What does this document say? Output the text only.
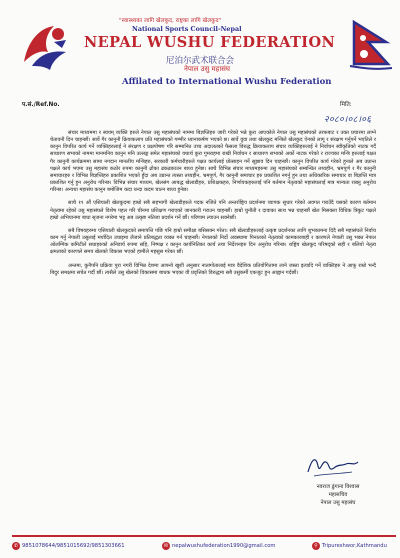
"स्वास्थ्यका लागि खेलकुद, राष्ट्रका लागि खेलकुद"
National Sports Council-Nepal
NEPAL WUSHU FEDERATION
尼泊尔武术联合会
नेपाल उसु महासंघ
Affilated to International Wushu Federation
प.सं./Ref.No.	मिति:
२०८०।०८।०६

संचार माध्यममा र स्वयम् व्यक्ति हरुले नेपाल उसु महासंघको नाममा बिज्ञप्तिहरु जारी गरेको भन्ने कुरा आएकोले नेपाल उसु महासंघको तरफबाट र उक्त प्रचारमा लाग्ने चेतावनी दिन चाहन्छौं। सार्वे गैर कानुनी क्रियाकलाप प्रति महासंघको गम्भीर ध्यानाकर्षण भएको छ। सार्वे युवा तथा खेलकुद मन्त्रिले खेलकुद ऐनको लागू र संरक्षण गर्नुपर्ने भएतिले र कानुन विपरित कार्य गर्ने व्यक्तिहरुलाई ने संरक्षण र प्रक्षपोषण गरि सम्मानित उच्च अदालतको फैसला विरुद्ध क्रियाकलाप संचार व्यक्तिहरुलाई ने निर्वाचन स्वीकृतिको नाटक गर्दै साधारण सभाको नाममा मानमनिय कानुन मनि उल्लङ्घ समेत महासंघको यथार्थ कुरा गुमराहमा राखी निर्वाचन र साधारण सभाको अर्को नाटक गरेको र राज्यका मन्त्रि हरुलाई पक्षत गैर कानुनी कार्यक्रममा सामा नगदान मानलीय मन्त्रिहरु, सरकारी कर्मचारीहरुले पक्षत कार्यलाई प्रोत्साहन गर्ने सूझाव दिन चाहन्छौं। कानुन विपरित कार्य गरेको हुनाले अब उप्रान्त पक्षले कार्य भएमा उसु महासंघ कठोर रुपमा कानुनी ढोका ढकढकाउन बाध्य हुनेछ। साथै विभिन्न संचार माध्यमहरुमा उसु महासंघको सम्बन्धित तथ्यहीन, भ्रमपूर्ण र गैर कानुनी समाचारहरु र विभिन्न बिज्ञप्तिहरु प्रकाशित भएको हुँदा अब उप्रान्त त्यस्ता तथ्यहीन, भ्रमपूर्ण, गैर कानुनी समाचार हरु प्रकाशित नगर्नु हुन तथा अधिकारिक समाचार वा बिज्ञप्ति मात्र प्रकाशित गर्नु हुन अनुरोध गरिन्छ। विभिन्न संचार माध्यम, खेलसंग आबद्ध खेलाडीहरु, प्रशिक्षकहरु, निर्णायकहरुलाई पनि बर्तमान नेतृत्वको महासंघलाई मात्र मान्यता राख्नु अनुरोध गरिन्छ। अन्यथा महासंघ कानुन बमोजिम कदा धन्दा कदम चाल्न बाध्य हुनेछ।

साथै १९ औं एसियाली खेलकुदमा हाम्रो सबै सहभागी खेलाडीहरुले पदक नजिते पनि अन्तर्राष्ट्रिय प्रदर्शनमा व्यापक सुधार गरेको अवगत गराउँदै यसको कारण बर्तमान नेतृत्वमा रहेको उसु महासंघले विशेष पहल गरि चीनमा प्रशिक्षण गराएको जानकारी गराउन चाहन्छौं। हाम्रो चुनौती र दावाका साथ भन्न चाहन्छौं खेल मिसक्ला विधिक त्रिकुट पक्षले हाम्रो अभियानमा बाधा सृजना नगरेमा भट्ट अब उत्कृष्ट नतिजा प्रदर्शन गर्ने छौं। परिणाम ल्याउन सक्नेछौं।

सबै विषयहरुमा एसियाली खेलकुदको समापत्ति पछि पनि हाम्रो समीक्षा बसिसक्न गरेता। सबै खेलाडीहरुलाई उत्कृष्ट प्रदर्शनका लागि शुभकामना दिदै सबै महासंघले निर्वाच काम गर्नु नेपाली उसुलाई मर्यादित उचाइमा लैजाने प्रतिबद्धता व्यक्त गर्न चाहन्छौं। नेपालको निर्दो अवस्थामा पिनातको नेतृत्वको कामकारबाही र कारणले नेपाली उसु भक्त नेपाल ओलम्पिक कमिटीले सधाहरुको अनिवार्य रुपमा सहि, निष्पक्ष र कानुन कार्यनितिका कार्य तथा निर्देशनहरु दिन अनुरोध गरिन्छ। राष्ट्रिय खेलकुद परिषद्को सही र बलियो नेतृत्व क्षमताको कारणले समय खेलको विकास भएको हामीले महसुस गरेका छौं।

अन्तमा, कुनैपनि प्रक्रिया पुरा नगरी विभिन्न देशमा आफ्नो खुशी अनुसार नातागोतालाई मात्र वैदेशिक प्रतियोगितामा लाने जस्ता इत्यादि गर्ने वाक्लिहरु ने आफू राम्रो भन्दै बिदुर समक्षमा सचेत गर्दौ छौं। त्यसैले उसु खेलको विकासमा बाधक भएका यी प्रवृत्तिको विरुद्धमा सबै उसुकर्मी एकजुट हुन आह्वान गर्दछौं।

नवराज ढुंगाना विश्वास
महासचिव
नेपाल उसु महासंघ
✆ 9851078644/9851015692/9851303661	✉ nepalwushufederation1990@gmail.com	⚲ Tripureshwor,Kathmandu
